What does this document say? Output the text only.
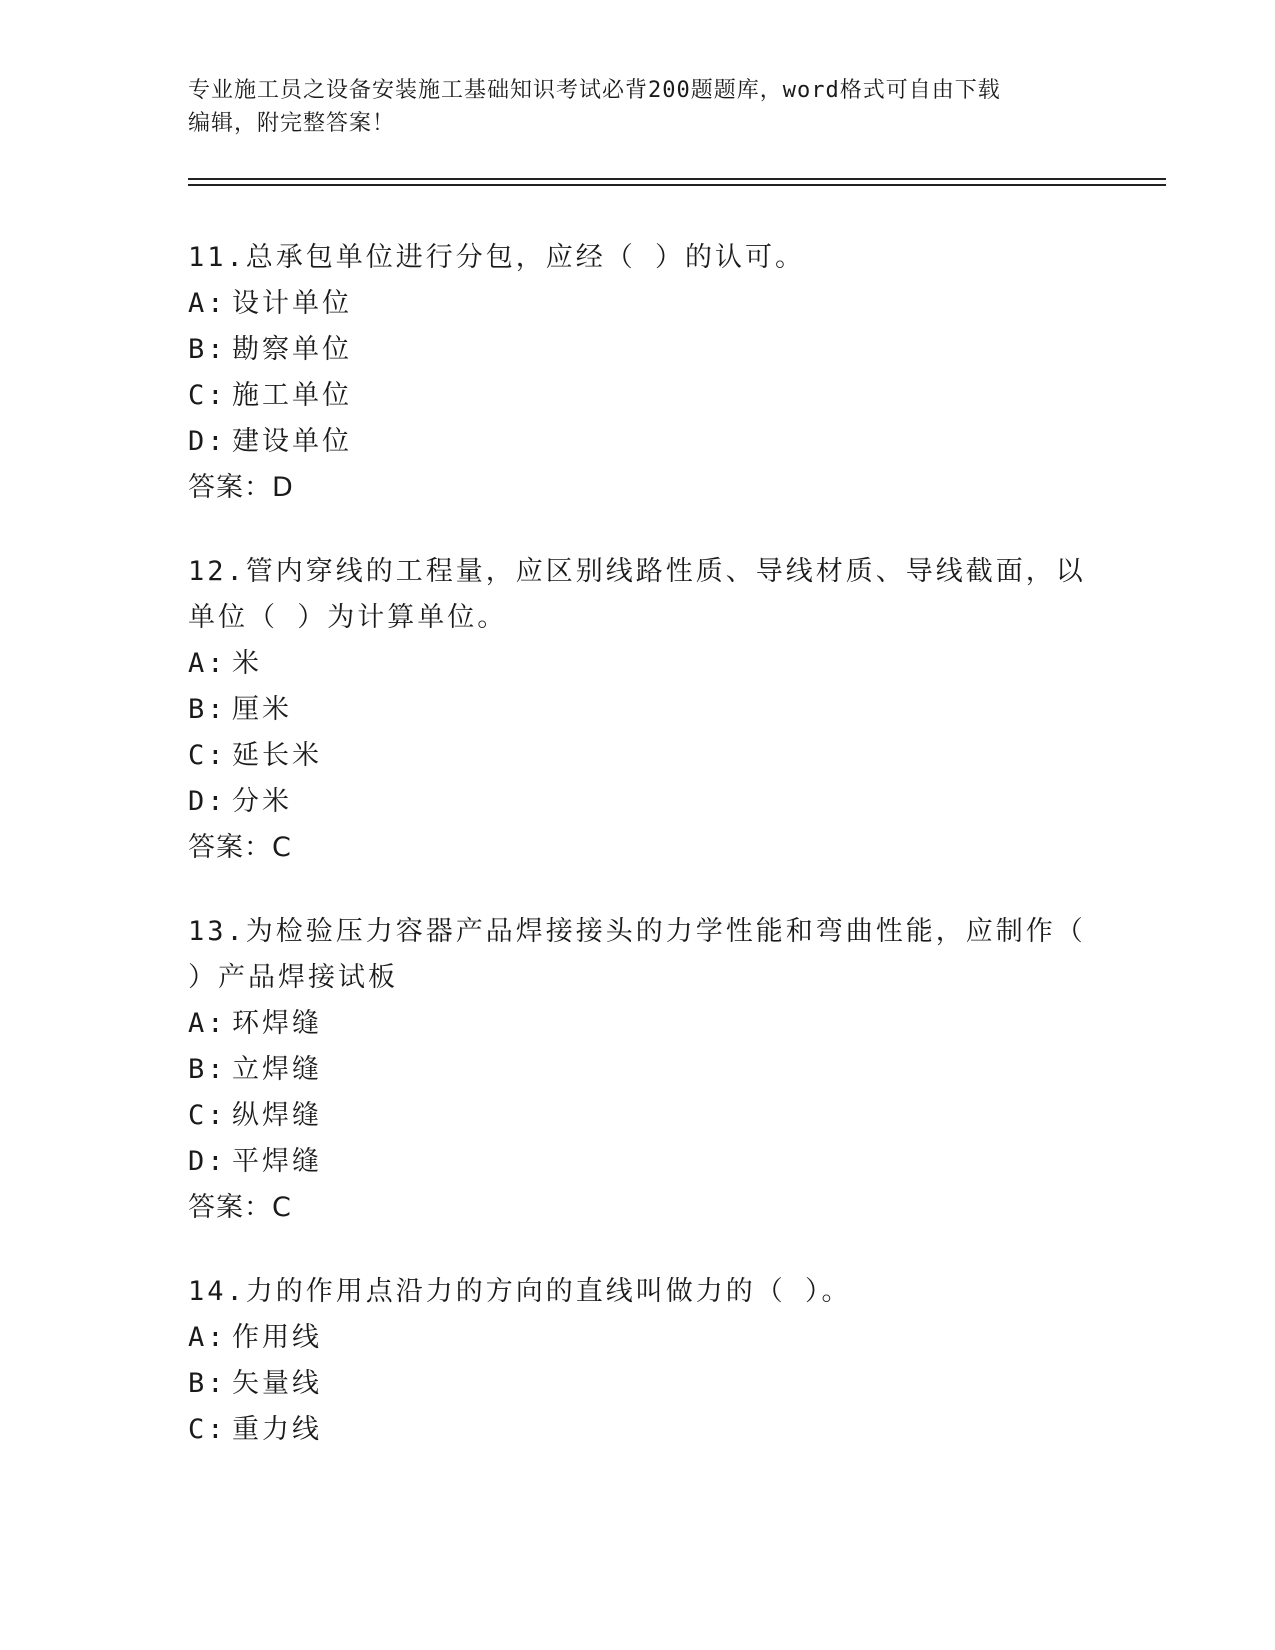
专业施工员之设备安装施工基础知识考试必背200题题库，word格式可自由下载
编辑，附完整答案！
11.总承包单位进行分包，应经（ ）的认可。
A: 设计单位
B: 勘察单位
C: 施工单位
D: 建设单位
答案：D
12.管内穿线的工程量，应区别线路性质、导线材质、导线截面，以单位（ ）为计算单位。
A: 米
B: 厘米
C: 延长米
D: 分米
答案：C
13.为检验压力容器产品焊接接头的力学性能和弯曲性能，应制作（ ）产品焊接试板
A: 环焊缝
B: 立焊缝
C: 纵焊缝
D: 平焊缝
答案：C
14.力的作用点沿力的方向的直线叫做力的（ ）。
A: 作用线
B: 矢量线
C: 重力线
